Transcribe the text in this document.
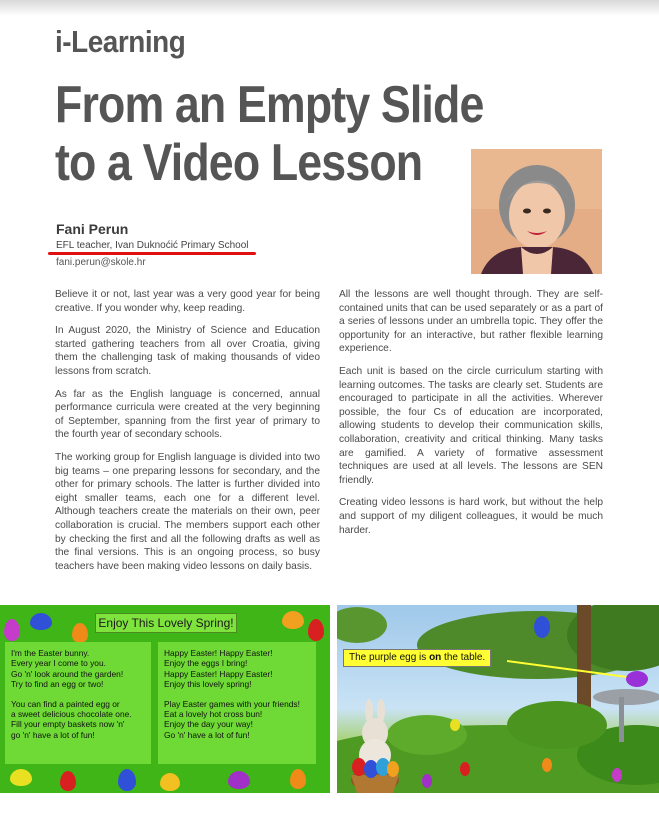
i-Learning
From an Empty Slide
to a Video Lesson
Fani Perun
EFL teacher, Ivan Duknoćić Primary School
fani.perun@skole.hr

Believe it or not, last year was a very good year for being creative. If you wonder why, keep reading.

In August 2020, the Ministry of Science and Education started gathering teachers from all over Croatia, giving them the challenging task of making thousands of video lessons from scratch.

As far as the English language is concerned, annual performance curricula were created at the very beginning of September, spanning from the first year of primary to the fourth year of secondary schools.

The working group for English language is divided into two big teams – one preparing lessons for secondary, and the other for primary schools. The latter is further divided into eight smaller teams, each one for a different level. Although teachers create the materials on their own, peer collaboration is crucial. The members support each other by checking the first and all the following drafts as well as the final versions. This is an ongoing process, so busy teachers have been making video lessons on daily basis.

All the lessons are well thought through. They are self-contained units that can be used separately or as a part of a series of lessons under an umbrella topic. They offer the opportunity for an interactive, but rather flexible learning experience.

Each unit is based on the circle curriculum starting with learning outcomes. The tasks are clearly set. Students are encouraged to participate in all the activities. Wherever possible, the four Cs of education are incorporated, allowing students to develop their communication skills, collaboration, creativity and critical thinking. Many tasks are gamified. A variety of formative assessment techniques are used at all levels. The lessons are SEN friendly.

Creating video lessons is hard work, but without the help and support of my diligent colleagues, it would be much harder.

Enjoy This Lovely Spring!
I'm the Easter bunny.
Every year I come to you.
Go 'n' look around the garden!
Try to find an egg or two!
You can find a painted egg or
a sweet delicious chocolate one.
Fill your empty baskets now 'n'
go 'n' have a lot of fun!
Happy Easter! Happy Easter!
Enjoy the eggs I bring!
Happy Easter! Happy Easter!
Enjoy this lovely spring!
Play Easter games with your friends!
Eat a lovely hot cross bun!
Enjoy the day your way!
Go 'n' have a lot of fun!
The purple egg is on the table.
